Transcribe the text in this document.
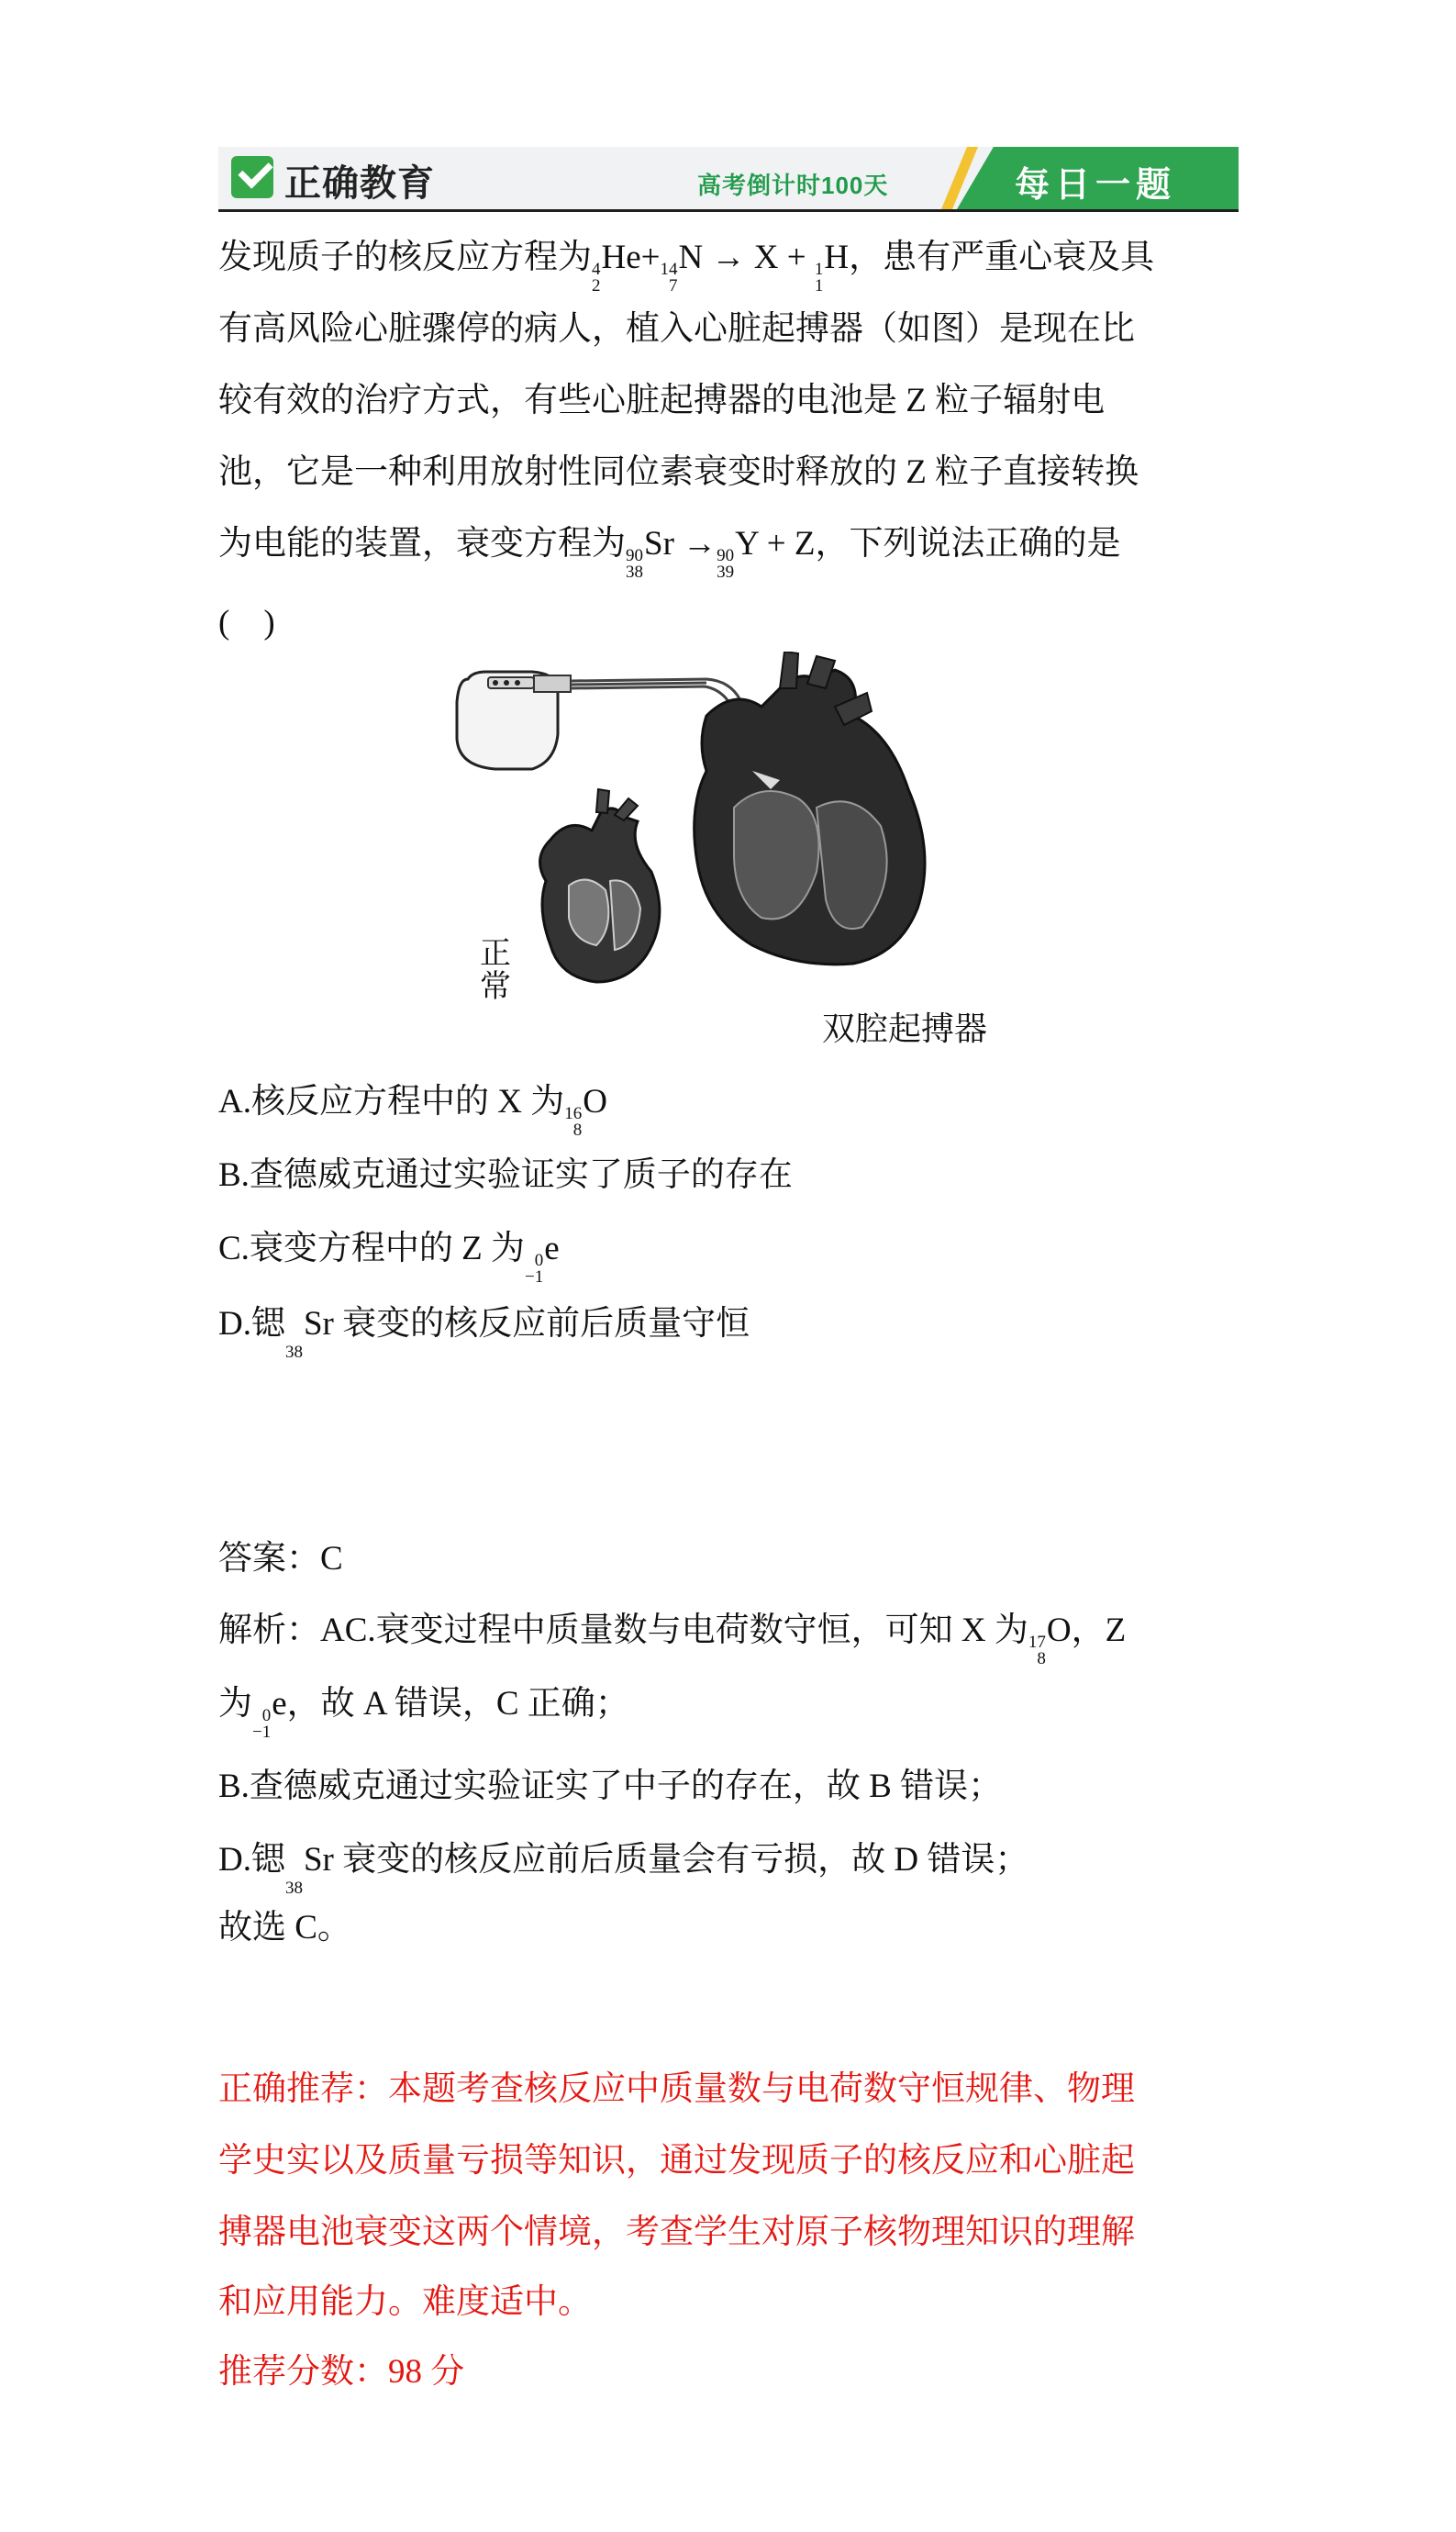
正确教育	高考倒计时100天	每日一题
发现质子的核反应方程为 4
2
He+ 14
7
N → X + 1
1
H，患有严重心衰及具
有高风险心脏骤停的病人，植入心脏起搏器（如图）是现在比
较有效的治疗方式，有些心脏起搏器的电池是 Z 粒子辐射电
池，它是一种利用放射性同位素衰变时释放的 Z 粒子直接转换
为电能的装置，衰变方程为 90
38
Sr → 90
39
Y + Z，下列说法正确的是
(　)
正常
双腔起搏器
A.核反应方程中的 X 为 16
8
O
B.查德威克通过实验证实了质子的存在
C.衰变方程中的 Z 为 0
−1
e
D.锶

38
Sr 衰变的核反应前后质量守恒
答案：C
解析：AC.衰变过程中质量数与电荷数守恒，可知 X 为 17
8
O，Z
为 0
−1
e，故 A 错误，C 正确；
B.查德威克通过实验证实了中子的存在，故 B 错误；
D.锶

38
Sr 衰变的核反应前后质量会有亏损，故 D 错误；
故选 C。
正确推荐：本题考查核反应中质量数与电荷数守恒规律、物理
学史实以及质量亏损等知识，通过发现质子的核反应和心脏起
搏器电池衰变这两个情境，考查学生对原子核物理知识的理解
和应用能力。难度适中。
推荐分数：98 分
